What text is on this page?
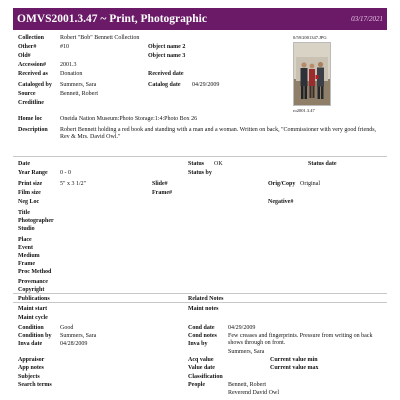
OMVS2001.3.47 ~ Print, Photographic	03/17/2021
0/59/2001347.JPG
ro2001.3.47
Collection	Robert "Bob" Bennett Collection
Other#	#10	Object name 2
Old#	Object name 3
Accession# 2001.3
Received as Donation	Received date
Cataloged by Summers, Sara	Catalog date 04/29/2009
Source	Bennett, Robert
Creditline
Home loc	Oneida Nation Museum:Photo Storage:1:4:Photo Box 26
Description Robert Bennett holding a red book and standing with a man and a woman. Written on back, "Commissioner with very good friends, Rev & Mrs. David Owl."
Date	Status OK	Status date
Year Range 0 - 0	Status by
Print size	5" x 3 1/2"	Slide#	Orig/Copy Original
Film size	Frame#
Neg Loc	Negative#
Title
Photographer
Studio
Place
Event
Medium
Frame
Proc Method
Provenance
Copyright
Publications	Related Notes
Maint start	Maint notes
Maint cycle
Condition	Good	Cond date 04/29/2009
Condition by Summers, Sara	Cond notes Few creases and fingerprints. Pressure from writing on back shows through on front.
Inva date	04/28/2009	Inva by
Summers, Sara
Appraisor	Acq value	Current value min
App notes	Value date	Current value max
Subjects	Classification
Search terms	People	Bennett, Robert
Reverend David Owl
